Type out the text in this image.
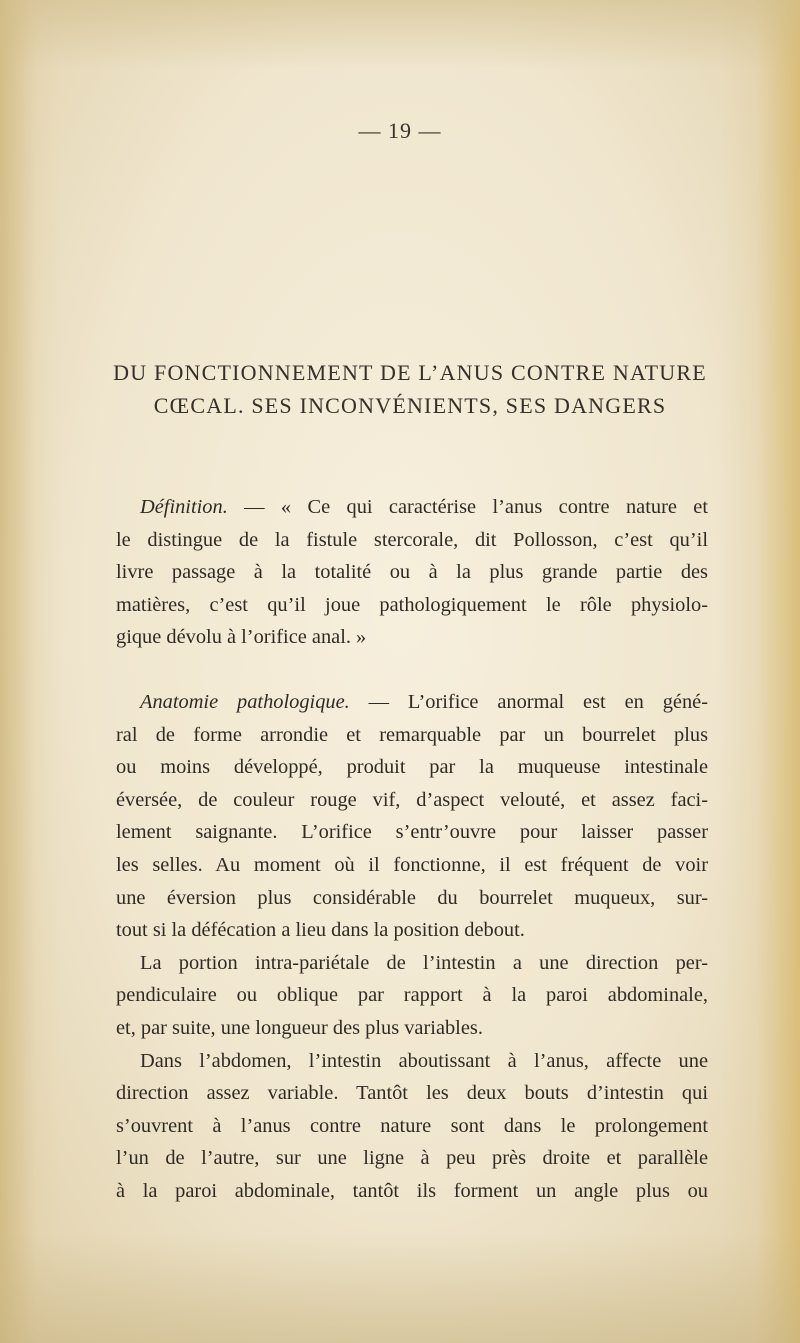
— 19 —
DU FONCTIONNEMENT DE L’ANUS CONTRE NATURE
CŒCAL. SES INCONVÉNIENTS, SES DANGERS
Définition. — « Ce qui caractérise l’anus contre nature et
le distingue de la fistule stercorale, dit Pollosson, c’est qu’il
livre passage à la totalité ou à la plus grande partie des
matières, c’est qu’il joue pathologiquement le rôle physiolo-
gique dévolu à l’orifice anal. »
Anatomie pathologique. — L’orifice anormal est en géné-
ral de forme arrondie et remarquable par un bourrelet plus
ou moins développé, produit par la muqueuse intestinale
éversée, de couleur rouge vif, d’aspect velouté, et assez faci-
lement saignante. L’orifice s’entr’ouvre pour laisser passer
les selles. Au moment où il fonctionne, il est fréquent de voir
une éversion plus considérable du bourrelet muqueux, sur-
tout si la défécation a lieu dans la position debout.
La portion intra-pariétale de l’intestin a une direction per-
pendiculaire ou oblique par rapport à la paroi abdominale,
et, par suite, une longueur des plus variables.
Dans l’abdomen, l’intestin aboutissant à l’anus, affecte une
direction assez variable. Tantôt les deux bouts d’intestin qui
s’ouvrent à l’anus contre nature sont dans le prolongement
l’un de l’autre, sur une ligne à peu près droite et parallèle
à la paroi abdominale, tantôt ils forment un angle plus ou
